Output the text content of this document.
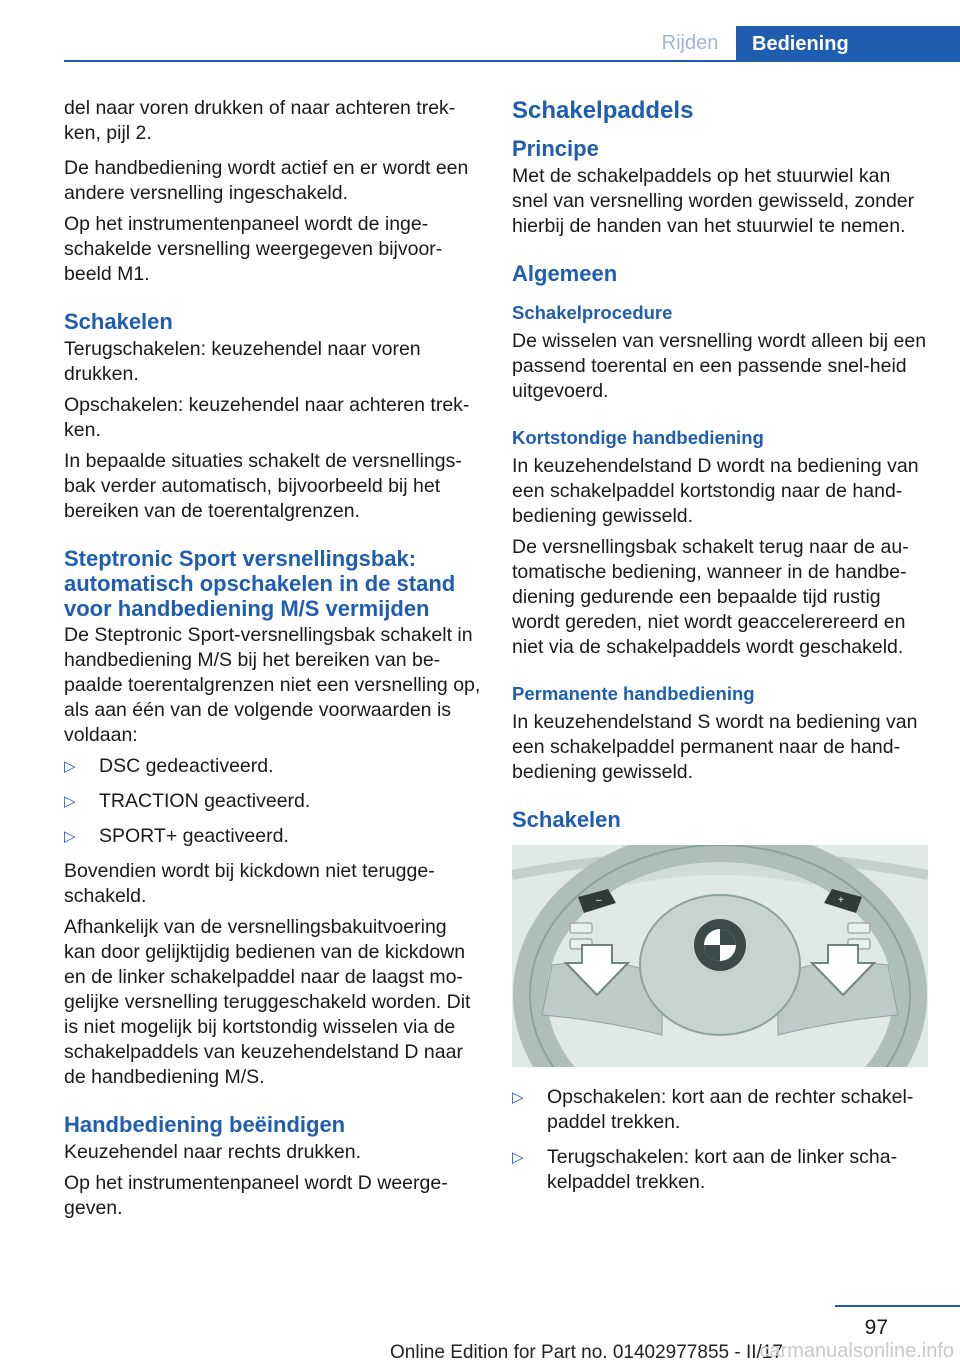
Rijden	Bediening

del naar voren drukken of naar achteren trek-ken, pijl 2.

De handbediening wordt actief en er wordt een andere versnelling ingeschakeld.

Op het instrumentenpaneel wordt de inge-schakelde versnelling weergegeven bijvoor-beeld M1.

Schakelen

Terugschakelen: keuzehendel naar voren drukken.

Opschakelen: keuzehendel naar achteren trek-ken.

In bepaalde situaties schakelt de versnellings-bak verder automatisch, bijvoorbeeld bij het bereiken van de toerentalgrenzen.

Steptronic Sport versnellingsbak: automatisch opschakelen in de stand voor handbediening M/S vermijden

De Steptronic Sport-versnellingsbak schakelt in handbediening M/S bij het bereiken van be-paalde toerentalgrenzen niet een versnelling op, als aan één van de volgende voorwaarden is voldaan:

▷ DSC gedeactiveerd.
▷ TRACTION geactiveerd.
▷ SPORT+ geactiveerd.

Bovendien wordt bij kickdown niet terugge-schakeld.

Afhankelijk van de versnellingsbakuitvoering kan door gelijktijdig bedienen van de kickdown en de linker schakelpaddel naar de laagst mo-gelijke versnelling teruggeschakeld worden. Dit is niet mogelijk bij kortstondig wisselen via de schakelpaddels van keuzehendelstand D naar de handbediening M/S.

Handbediening beëindigen

Keuzehendel naar rechts drukken.

Op het instrumentenpaneel wordt D weerge-geven.

Schakelpaddels
Principe

Met de schakelpaddels op het stuurwiel kan snel van versnelling worden gewisseld, zonder hierbij de handen van het stuurwiel te nemen.

Algemeen
Schakelprocedure

De wisselen van versnelling wordt alleen bij een passend toerental en een passende snel-heid uitgevoerd.

Kortstondige handbediening

In keuzehendelstand D wordt na bediening van een schakelpaddel kortstondig naar de hand-bediening gewisseld.

De versnellingsbak schakelt terug naar de au-tomatische bediening, wanneer in de handbe-diening gedurende een bepaalde tijd rustig wordt gereden, niet wordt geaccelerereerd en niet via de schakelpaddels wordt geschakeld.

Permanente handbediening

In keuzehendelstand S wordt na bediening van een schakelpaddel permanent naar de hand-bediening gewisseld.

Schakelen
–	+
▷ Opschakelen: kort aan de rechter schakel-paddel trekken.
▷ Terugschakelen: kort aan de linker scha-kelpaddel trekken.
97
Online Edition for Part no. 01402977855 - II/17
carmanualsonline.info
